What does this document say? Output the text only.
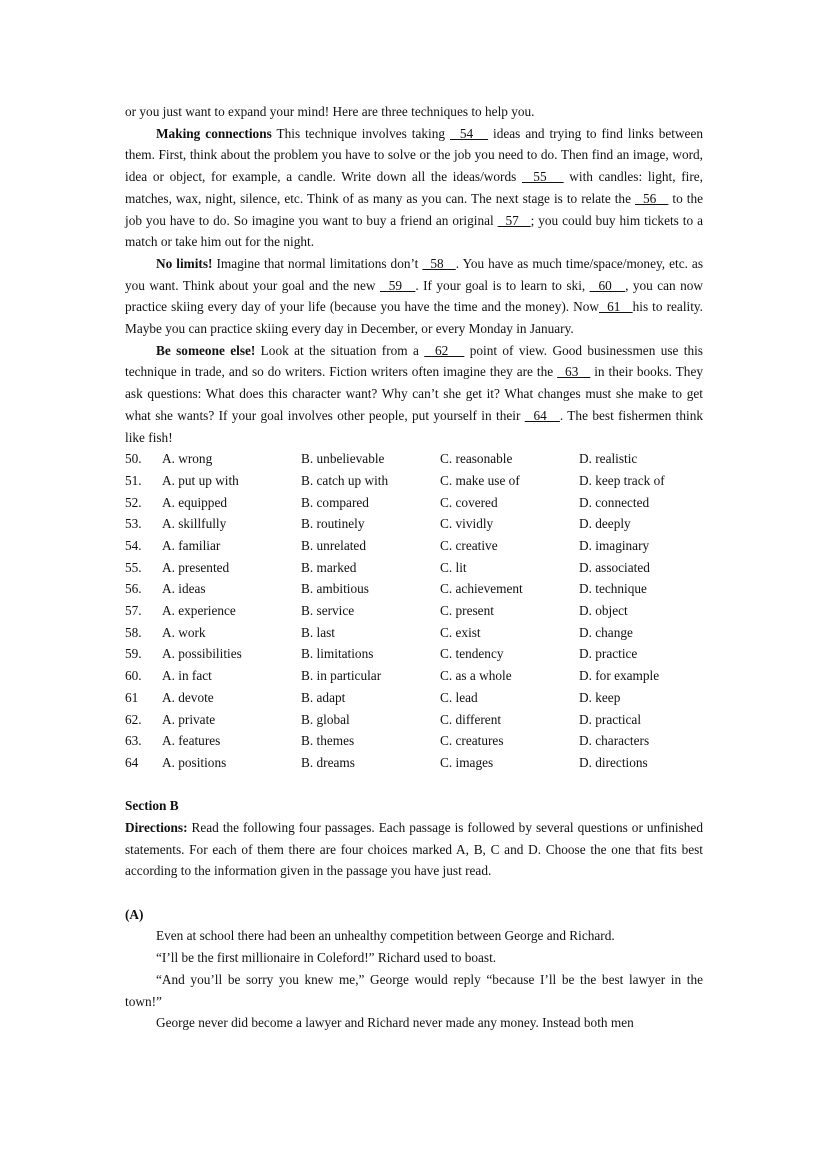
or you just want to expand your mind! Here are three techniques to help you.

Making connections This technique involves taking   54    ideas and trying to find links between them. First, think about the problem you have to solve or the job you need to do. Then find an image, word, idea or object, for example, a candle. Write down all the ideas/words   55    with candles: light, fire, matches, wax, night, silence, etc. Think of as many as you can. The next stage is to relate the   56    to the job you have to do. So imagine you want to buy a friend an original   57   ; you could buy him tickets to a match or take him out for the night.

No limits! Imagine that normal limitations don’t   58   . You have as much time/space/money, etc. as you want. Think about your goal and the new   59   . If your goal is to learn to ski,   60   , you can now practice skiing every day of your life (because you have the time and the money). Now  61   his to reality. Maybe you can practice skiing every day in December, or every Monday in January.

Be someone else! Look at the situation from a   62    point of view. Good businessmen use this technique in trade, and so do writers. Fiction writers often imagine they are the   63    in their books. They ask questions: What does this character want? Why can’t she get it? What changes must she make to get what she wants? If your goal involves other people, put yourself in their   64   . The best fishermen think like fish!

50.	A. wrong	B. unbelievable	C. reasonable	D. realistic
51.	A. put up with	B. catch up with	C. make use of	D. keep track of
52.	A. equipped	B. compared	C. covered	D. connected
53.	A. skillfully	B. routinely	C. vividly	D. deeply
54.	A. familiar	B. unrelated	C. creative	D. imaginary
55.	A. presented	B. marked	C. lit	D. associated
56.	A. ideas	B. ambitious	C. achievement	D. technique
57.	A. experience	B. service	C. present	D. object
58.	A. work	B. last	C. exist	D. change
59.	A. possibilities	B. limitations	C. tendency	D. practice
60.	A. in fact	B. in particular	C. as a whole	D. for example
61	A. devote	B. adapt	C. lead	D. keep
62.	A. private	B. global	C. different	D. practical
63.	A. features	B. themes	C. creatures	D. characters
64	A. positions	B. dreams	C. images	D. directions

Section B

Directions: Read the following four passages. Each passage is followed by several questions or unfinished statements. For each of them there are four choices marked A, B, C and D. Choose the one that fits best according to the information given in the passage you have just read.

(A)

Even at school there had been an unhealthy competition between George and Richard.

“I’ll be the first millionaire in Coleford!” Richard used to boast.

“And you’ll be sorry you knew me,” George would reply “because I’ll be the best lawyer in the town!”

George never did become a lawyer and Richard never made any money. Instead both men
